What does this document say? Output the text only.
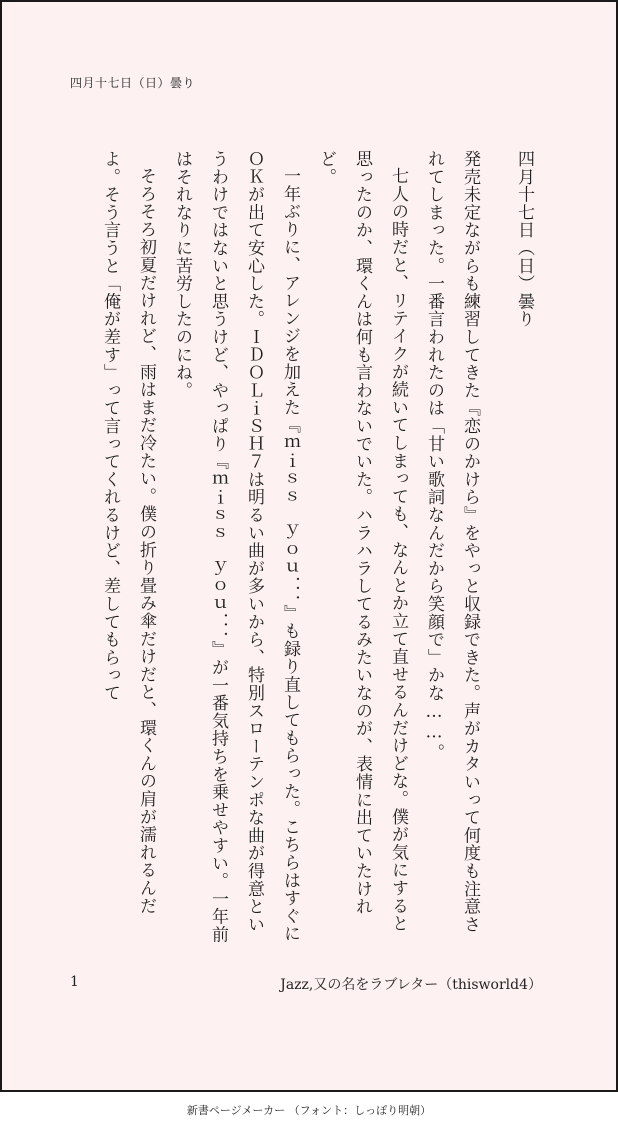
四月十七日（日）曇り
四月十七日（日）曇り

発売未定ながらも練習してきた『恋のかけら』をやっと収録できた。声がカタいって何度も注意されてしまった。一番言われたのは「甘い歌詞なんだから笑顔で」かな……。

七人の時だと、リテイクが続いてしまっても、なんとか立て直せるんだけどな。僕が気にすると思ったのか、環くんは何も言わないでいた。ハラハラしてるみたいなのが、表情に出ていたけれど。

一年ぶりに、アレンジを加えた『ｍｉｓｓ　ｙｏｕ．．．』も録り直してもらった。こちらはすぐにＯＫが出て安心した。ＩＤＯＬｉＳＨ７は明るい曲が多いから、特別スローテンポな曲が得意というわけではないと思うけど、やっぱり『ｍｉｓｓ　ｙｏｕ．．．』が一番気持ちを乗せやすい。一年前はそれなりに苦労したのにね。

そろそろ初夏だけれど、雨はまだ冷たい。僕の折り畳み傘だけだと、環くんの肩が濡れるんだよ。そう言うと「俺が差す」って言ってくれるけど、差してもらって

1	Jazz,又の名をラブレター（thisworld4）
新書ページメーカー （フォント：しっぽり明朝）
